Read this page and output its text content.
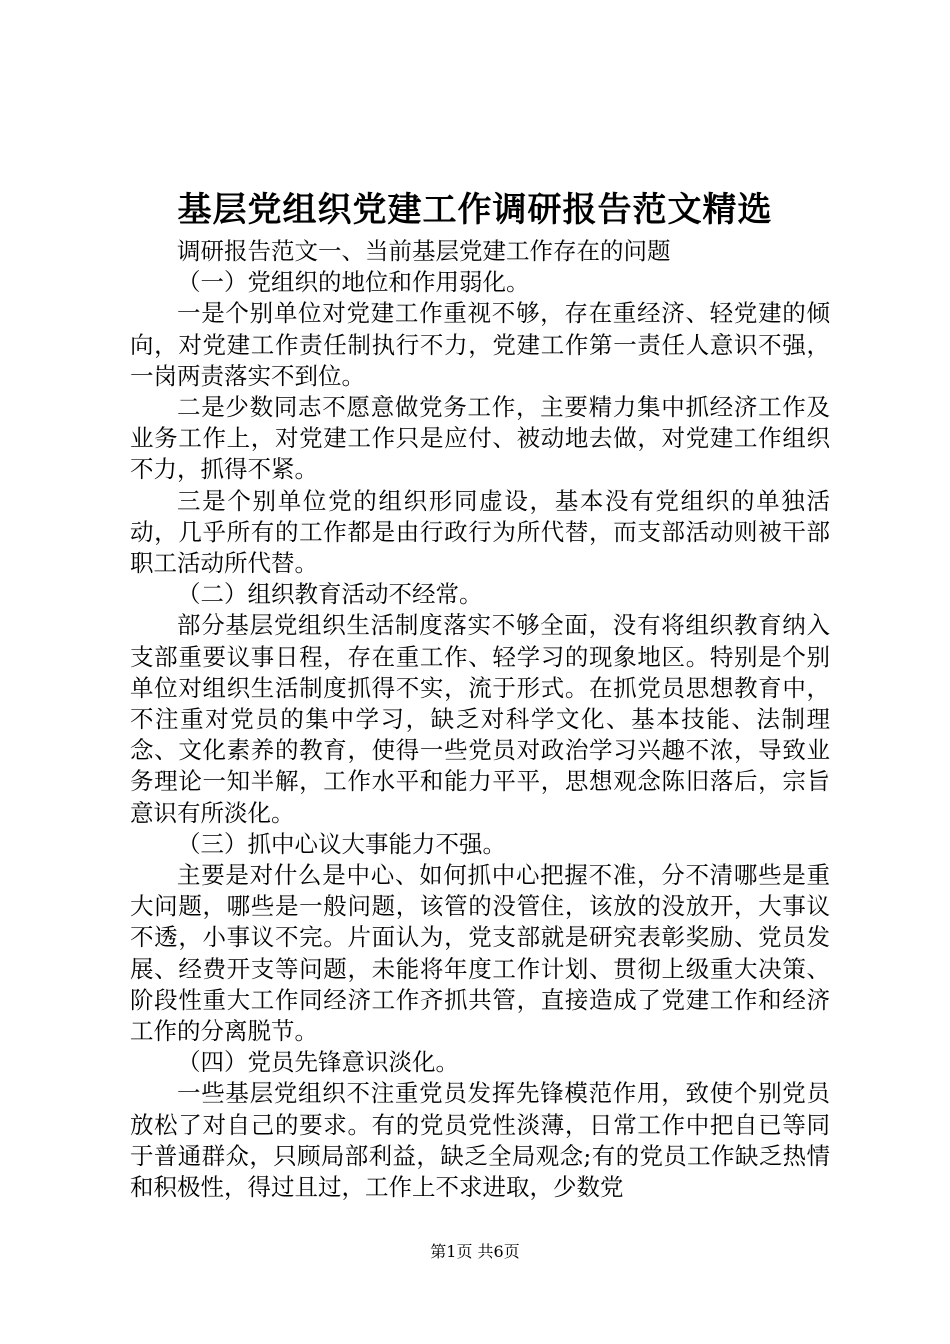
基层党组织党建工作调研报告范文精选

调研报告范文一、当前基层党建工作存在的问题

（一）党组织的地位和作用弱化。

一是个别单位对党建工作重视不够，存在重经济、轻党建的倾向，对党建工作责任制执行不力，党建工作第一责任人意识不强，一岗两责落实不到位。

二是少数同志不愿意做党务工作，主要精力集中抓经济工作及业务工作上，对党建工作只是应付、被动地去做，对党建工作组织不力，抓得不紧。

三是个别单位党的组织形同虚设，基本没有党组织的单独活动，几乎所有的工作都是由行政行为所代替，而支部活动则被干部职工活动所代替。

（二）组织教育活动不经常。

部分基层党组织生活制度落实不够全面，没有将组织教育纳入支部重要议事日程，存在重工作、轻学习的现象地区。特别是个别单位对组织生活制度抓得不实，流于形式。在抓党员思想教育中，不注重对党员的集中学习，缺乏对科学文化、基本技能、法制理念、文化素养的教育，使得一些党员对政治学习兴趣不浓，导致业务理论一知半解，工作水平和能力平平，思想观念陈旧落后，宗旨意识有所淡化。

（三）抓中心议大事能力不强。

主要是对什么是中心、如何抓中心把握不准，分不清哪些是重大问题，哪些是一般问题，该管的没管住，该放的没放开，大事议不透，小事议不完。片面认为，党支部就是研究表彰奖励、党员发展、经费开支等问题，未能将年度工作计划、贯彻上级重大决策、阶段性重大工作同经济工作齐抓共管，直接造成了党建工作和经济工作的分离脱节。

（四）党员先锋意识淡化。

一些基层党组织不注重党员发挥先锋模范作用，致使个别党员放松了对自己的要求。有的党员党性淡薄，日常工作中把自已等同于普通群众，只顾局部利益，缺乏全局观念;有的党员工作缺乏热情和积极性，得过且过，工作上不求进取，少数党

第1页 共6页
